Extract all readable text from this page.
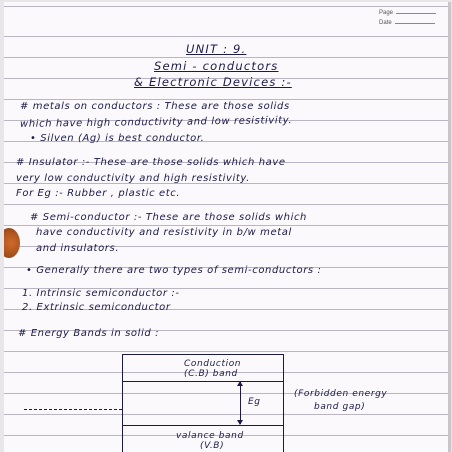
Page
Date
UNIT : 9.
Semi - conductors
& Electronic Devices :-
# metals on conductors : These are those solids
which have high conductivity and low resistivity.
• Silven (Ag) is best conductor.
# Insulator :- These are those solids which have
very low conductivity and high resistivity.
For Eg :- Rubber , plastic etc.
# Semi-conductor :- These are those solids which
have conductivity and resistivity in b/w metal
and insulators.
• Generally there are two types of semi-conductors :
1. Intrinsic semiconductor :-
2. Extrinsic semiconductor
# Energy Bands in solid :
Conduction
(C.B) band
Eg
(Forbidden energy
band gap)
valance band
(V.B)
